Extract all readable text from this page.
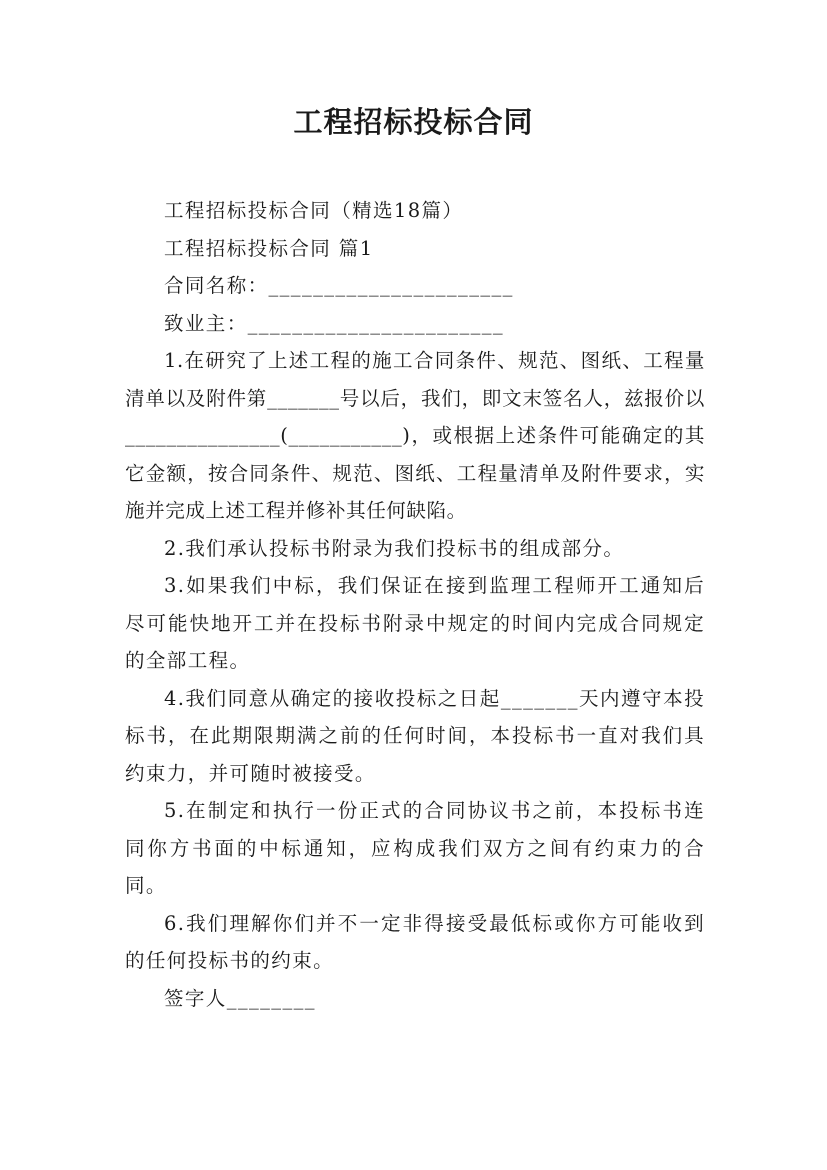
工程招标投标合同

工程招标投标合同（精选18篇）

工程招标投标合同 篇1

合同名称：______________________

致业主：_______________________

1.在研究了上述工程的施工合同条件、规范、图纸、工程量清单以及附件第_______号以后，我们，即文末签名人，兹报价以_______________(___________)，或根据上述条件可能确定的其它金额，按合同条件、规范、图纸、工程量清单及附件要求，实施并完成上述工程并修补其任何缺陷。

2.我们承认投标书附录为我们投标书的组成部分。

3.如果我们中标，我们保证在接到监理工程师开工通知后尽可能快地开工并在投标书附录中规定的时间内完成合同规定的全部工程。

4.我们同意从确定的接收投标之日起_______天内遵守本投标书，在此期限期满之前的任何时间，本投标书一直对我们具约束力，并可随时被接受。

5.在制定和执行一份正式的合同协议书之前，本投标书连同你方书面的中标通知，应构成我们双方之间有约束力的合同。

6.我们理解你们并不一定非得接受最低标或你方可能收到的任何投标书的约束。

签字人________
